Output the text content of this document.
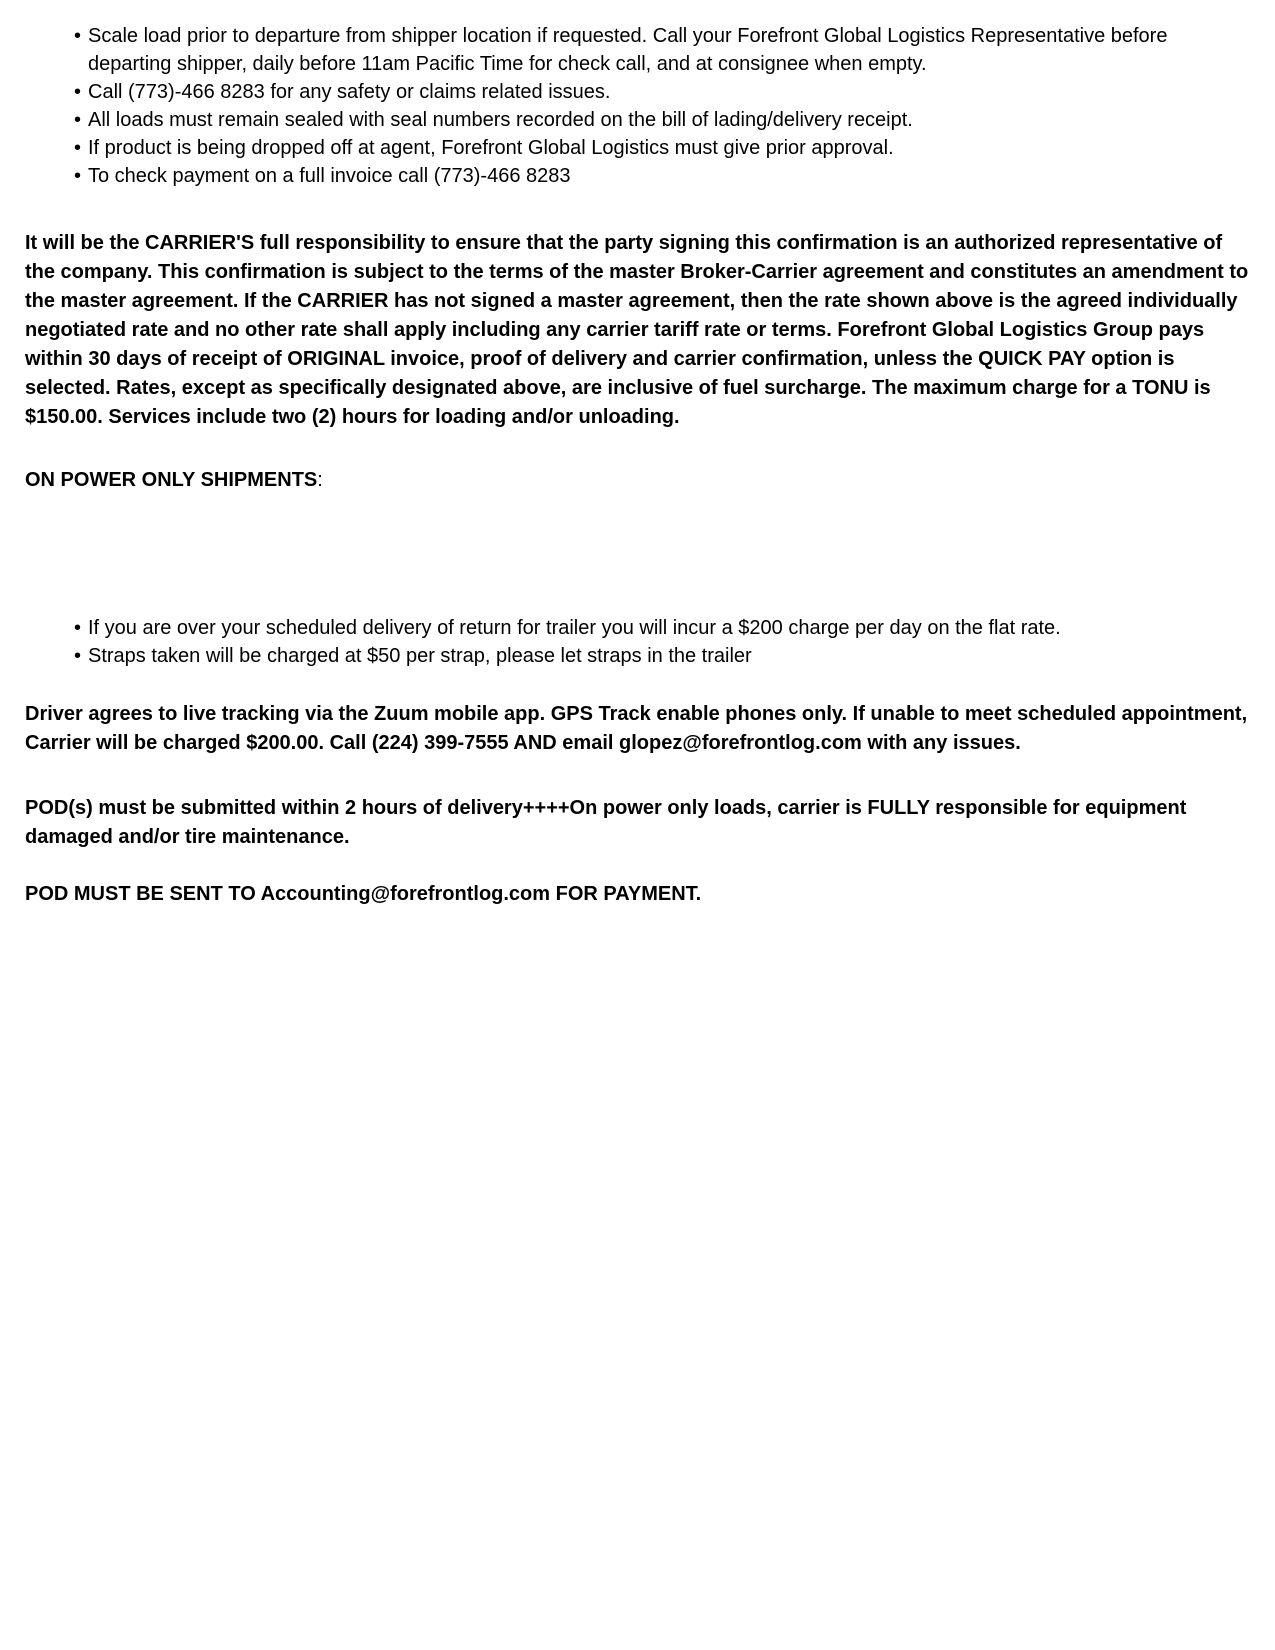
• Scale load prior to departure from shipper location if requested. Call your Forefront Global Logistics Representative before departing shipper, daily before 11am Pacific Time for check call, and at consignee when empty.
• Call (773)-466 8283 for any safety or claims related issues.
• All loads must remain sealed with seal numbers recorded on the bill of lading/delivery receipt.
• If product is being dropped off at agent, Forefront Global Logistics must give prior approval.
• To check payment on a full invoice call (773)-466 8283

It will be the CARRIER'S full responsibility to ensure that the party signing this confirmation is an authorized representative of the company. This confirmation is subject to the terms of the master Broker-Carrier agreement and constitutes an amendment to the master agreement. If the CARRIER has not signed a master agreement, then the rate shown above is the agreed individually negotiated rate and no other rate shall apply including any carrier tariff rate or terms. Forefront Global Logistics Group pays within 30 days of receipt of ORIGINAL invoice, proof of delivery and carrier confirmation, unless the QUICK PAY option is selected. Rates, except as specifically designated above, are inclusive of fuel surcharge. The maximum charge for a TONU is $150.00. Services include two (2) hours for loading and/or unloading.

ON POWER ONLY SHIPMENTS:

• If you are over your scheduled delivery of return for trailer you will incur a $200 charge per day on the flat rate.
• Straps taken will be charged at $50 per strap, please let straps in the trailer

Driver agrees to live tracking via the Zuum mobile app. GPS Track enable phones only. If unable to meet scheduled appointment, Carrier will be charged $200.00. Call (224) 399-7555 AND email glopez@forefrontlog.com with any issues.

POD(s) must be submitted within 2 hours of delivery++++On power only loads, carrier is FULLY responsible for equipment damaged and/or tire maintenance.

POD MUST BE SENT TO Accounting@forefrontlog.com FOR PAYMENT.
